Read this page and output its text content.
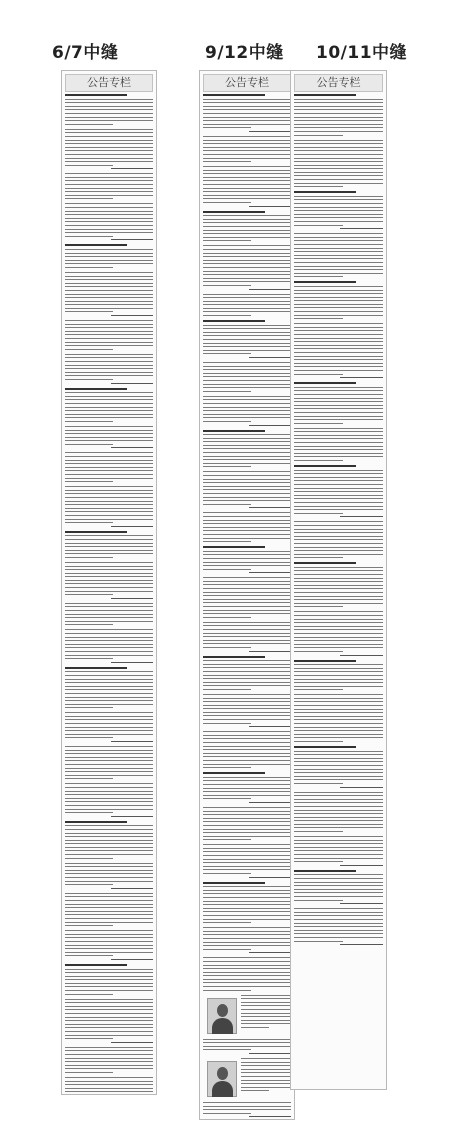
6/7中缝	9/12中缝 10/11中缝
公告专栏	公告专栏	公告专栏
